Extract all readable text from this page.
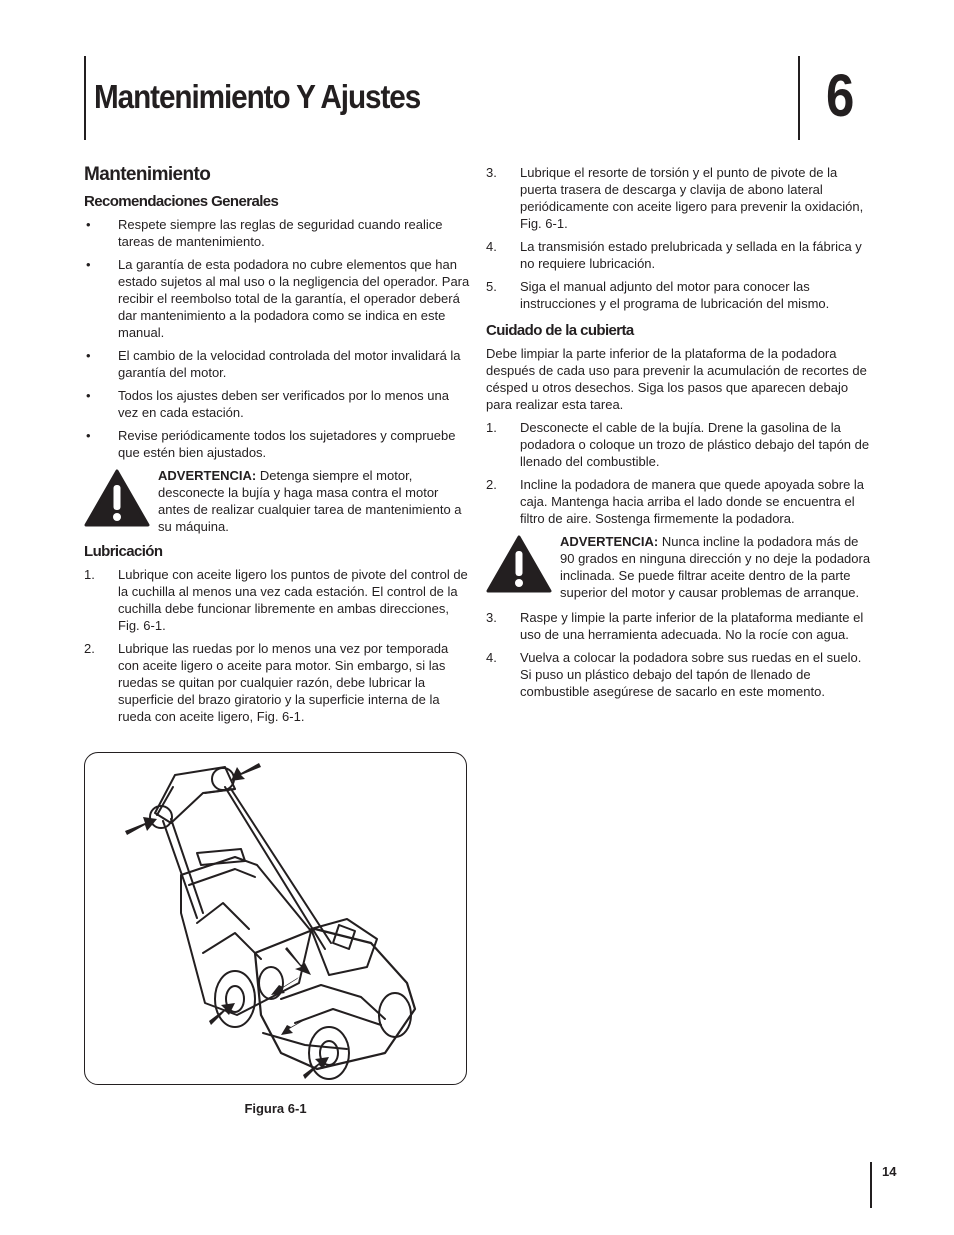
Mantenimiento Y Ajustes	6
Mantenimiento
Recomendaciones Generales
• Respete siempre las reglas de seguridad cuando realice tareas de mantenimiento.
• La garantía de esta podadora no cubre elementos que han estado sujetos al mal uso o la negligencia del operador. Para recibir el reembolso total de la garantía, el operador deberá dar mantenimiento a la podadora como se indica en este manual.
• El cambio de la velocidad controlada del motor invalidará la garantía del motor.
• Todos los ajustes deben ser verificados por lo menos una vez en cada estación.
• Revise periódicamente todos los sujetadores y compruebe que estén bien ajustados.
ADVERTENCIA: Detenga siempre el motor, desconecte la bujía y haga masa contra el motor antes de realizar cualquier tarea de mantenimiento a su máquina.
Lubricación
1. Lubrique con aceite ligero los puntos de pivote del control de la cuchilla al menos una vez cada estación. El control de la cuchilla debe funcionar libremente en ambas direcciones, Fig. 6-1.
2. Lubrique las ruedas por lo menos una vez por temporada con aceite ligero o aceite para motor. Sin embargo, si las ruedas se quitan por cualquier razón, debe lubricar la superficie del brazo giratorio y la superficie interna de la rueda con aceite ligero, Fig. 6-1.
3. Lubrique el resorte de torsión y el punto de pivote de la puerta trasera de descarga y clavija de abono lateral periódicamente con aceite ligero para prevenir la oxidación, Fig. 6-1.
4. La transmisión estado prelubricada y sellada en la fábrica y no requiere lubricación.
5. Siga el manual adjunto del motor para conocer las instrucciones y el programa de lubricación del mismo.
Cuidado de la cubierta

Debe limpiar la parte inferior de la plataforma de la podadora después de cada uso para prevenir la acumulación de recortes de césped u otros desechos. Siga los pasos que aparecen debajo para realizar esta tarea.

1. Desconecte el cable de la bujía. Drene la gasolina de la podadora o coloque un trozo de plástico debajo del tapón de llenado del combustible.
2. Incline la podadora de manera que quede apoyada sobre la caja. Mantenga hacia arriba el lado donde se encuentra el filtro de aire. Sostenga firmemente la podadora.
ADVERTENCIA: Nunca incline la podadora más de 90 grados en ninguna dirección y no deje la podadora inclinada. Se puede filtrar aceite dentro de la parte superior del motor y causar problemas de arranque.
3. Raspe y limpie la parte inferior de la plataforma mediante el uso de una herramienta adecuada. No la rocíe con agua.
4. Vuelva a colocar la podadora sobre sus ruedas en el suelo. Si puso un plástico debajo del tapón de llenado de combustible asegúrese de sacarlo en este momento.
Figura 6-1
14
